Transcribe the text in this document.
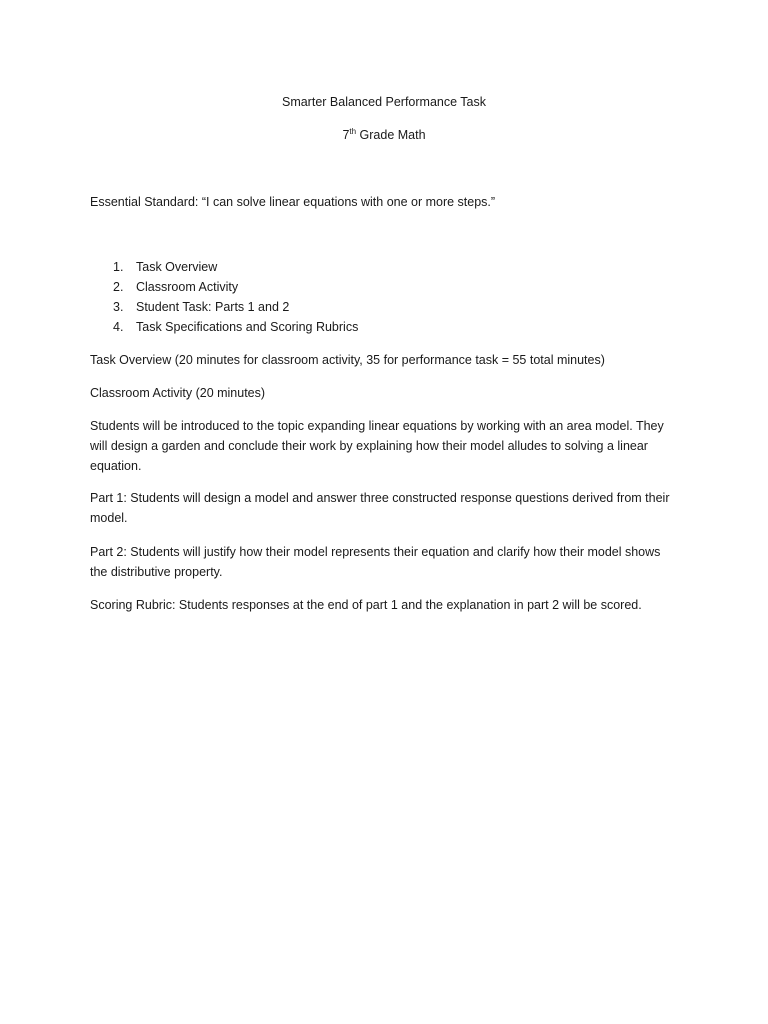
Smarter Balanced Performance Task
7th Grade Math
Essential Standard: “I can solve linear equations with one or more steps.”
1.	Task Overview
2.	Classroom Activity
3.	Student Task: Parts 1 and 2
4.	Task Specifications and Scoring Rubrics
Task Overview (20 minutes for classroom activity, 35 for performance task = 55 total minutes)
Classroom Activity (20 minutes)
Students will be introduced to the topic expanding linear equations by working with an area model. They will design a garden and conclude their work by explaining how their model alludes to solving a linear equation.
Part 1: Students will design a model and answer three constructed response questions derived from their model.
Part 2: Students will justify how their model represents their equation and clarify how their model shows the distributive property.
Scoring Rubric: Students responses at the end of part 1 and the explanation in part 2 will be scored.
